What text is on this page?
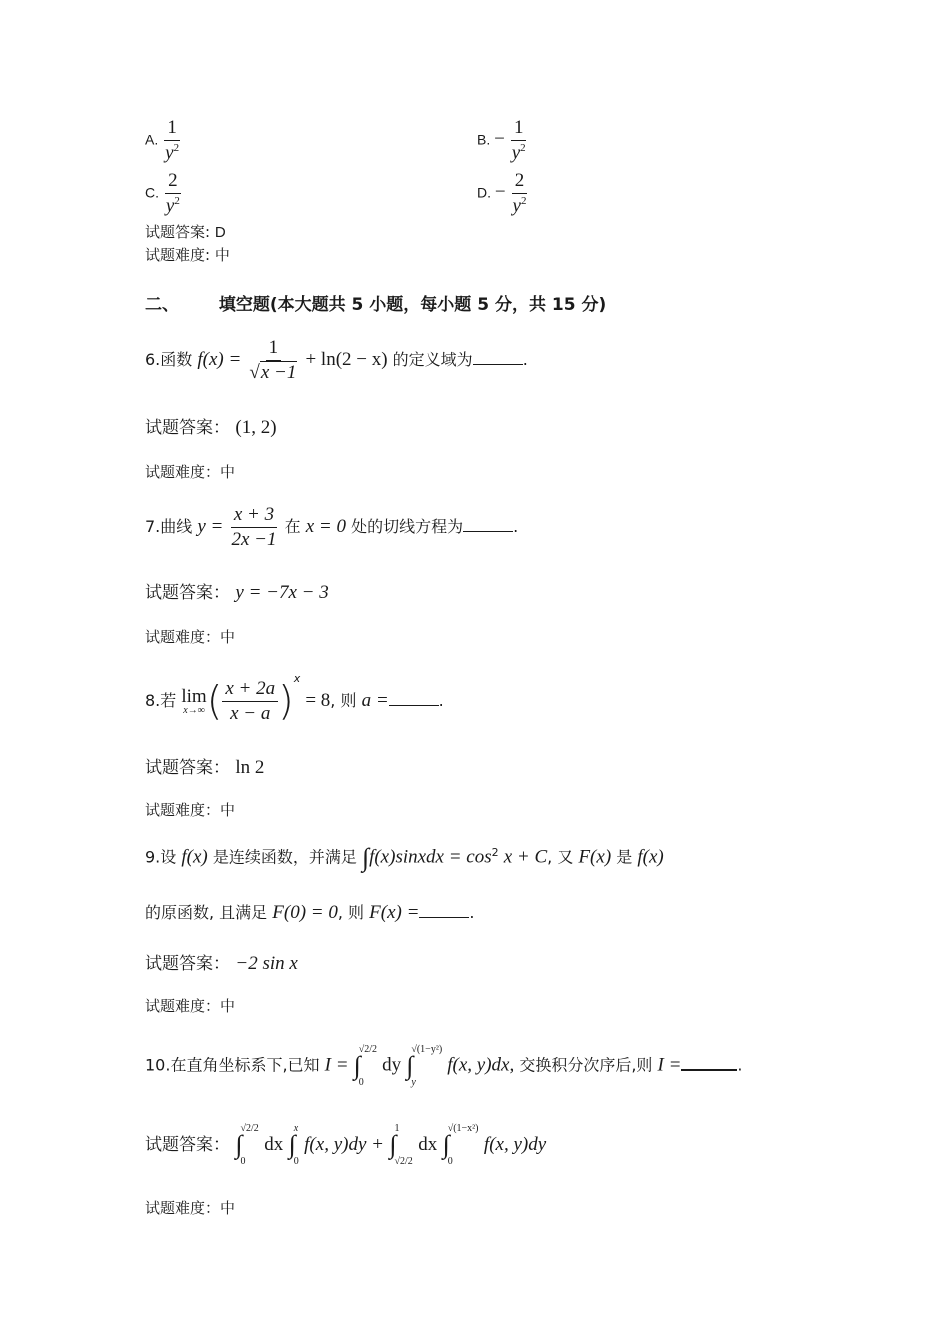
A. $\frac{1}{y^2}$	B. − $\frac{1}{y^2}$
C. $\frac{2}{y^2}$	D. − $\frac{2}{y^2}$
试题答案: D
试题难度: 中
二、 填空题(本大题共 5 小题，每小题 5 分，共 15 分)
6.函数 $f(x) = \frac{1}{√x -1} + \ln(2 - x)$ 的定义域为	.
试题答案： (1, 2)
试题难度：中
7.曲线 $y = \frac{x + 3}{2x -1}$ 在 x = 0 处的切线方程为	.
试题答案： y = −7x − 3
试题难度：中
8.若 lim
x→∞ ( $\frac{x + 2a}{x - a} )^x = 8$, 则 a =	.
试题答案： ln 2
试题难度：中
9.设 f(x) 是连续函数，并满足 ∫f(x)sinxdx = $\cos^2 x + C$, 又 F(x) 是 f(x)
的原函数, 且满足 F(0) = 0, 则 F(x) =	.
试题答案： −2 sin x
试题难度：中
10.在直角坐标系下,已知 I = ∫
√2/2
0
dy ∫
√(1−y²)
y
f(x, y)dx, 交换积分次序后,则 I =	.
试题答案： ∫
√2/2
0
dx ∫
x
0
f(x, y)dy + ∫
1
√2/2
dx ∫
√(1−x²)
0
f(x, y)dy
试题难度：中
